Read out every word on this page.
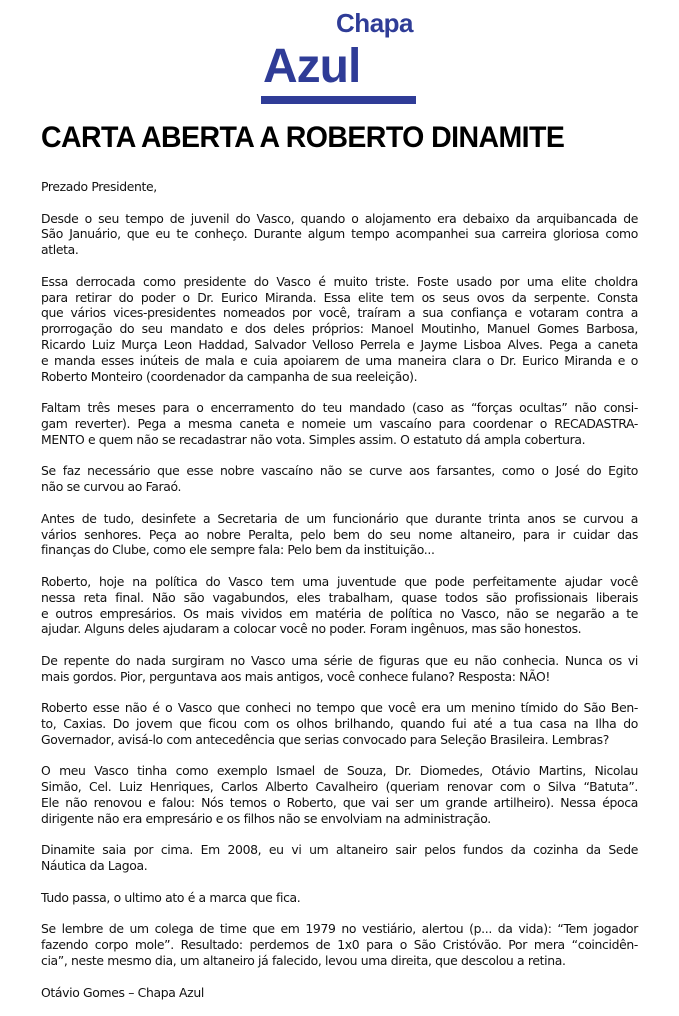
Chapa
Azul
CARTA ABERTA A ROBERTO DINAMITE
Prezado Presidente,
Desde o seu tempo de juvenil do Vasco, quando o alojamento era debaixo da arquibancada de
São Januário, que eu te conheço. Durante algum tempo acompanhei sua carreira gloriosa como
atleta.
Essa derrocada como presidente do Vasco é muito triste. Foste usado por uma elite choldra
para retirar do poder o Dr. Eurico Miranda. Essa elite tem os seus ovos da serpente. Consta
que vários vices-presidentes nomeados por você, traíram a sua confiança e votaram contra a
prorrogação do seu mandato e dos deles próprios: Manoel Moutinho, Manuel Gomes Barbosa,
Ricardo Luiz Murça Leon Haddad, Salvador Velloso Perrela e Jayme Lisboa Alves. Pega a caneta
e manda esses inúteis de mala e cuia apoiarem de uma maneira clara o Dr. Eurico Miranda e o
Roberto Monteiro (coordenador da campanha de sua reeleição).
Faltam três meses para o encerramento do teu mandado (caso as “forças ocultas” não consi-
gam reverter). Pega a mesma caneta e nomeie um vascaíno para coordenar o RECADASTRA-
MENTO e quem não se recadastrar não vota. Simples assim. O estatuto dá ampla cobertura.
Se faz necessário que esse nobre vascaíno não se curve aos farsantes, como o José do Egito
não se curvou ao Faraó.
Antes de tudo, desinfete a Secretaria de um funcionário que durante trinta anos se curvou a
vários senhores. Peça ao nobre Peralta, pelo bem do seu nome altaneiro, para ir cuidar das
finanças do Clube, como ele sempre fala: Pelo bem da instituição...
Roberto, hoje na política do Vasco tem uma juventude que pode perfeitamente ajudar você
nessa reta final. Não são vagabundos, eles trabalham, quase todos são profissionais liberais
e outros empresários. Os mais vividos em matéria de política no Vasco, não se negarão a te
ajudar. Alguns deles ajudaram a colocar você no poder. Foram ingênuos, mas são honestos.
De repente do nada surgiram no Vasco uma série de figuras que eu não conhecia. Nunca os vi
mais gordos. Pior, perguntava aos mais antigos, você conhece fulano? Resposta: NÃO!
Roberto esse não é o Vasco que conheci no tempo que você era um menino tímido do São Ben-
to, Caxias. Do jovem que ficou com os olhos brilhando, quando fui até a tua casa na Ilha do
Governador, avisá-lo com antecedência que serias convocado para Seleção Brasileira. Lembras?
O meu Vasco tinha como exemplo Ismael de Souza, Dr. Diomedes, Otávio Martins, Nicolau
Simão, Cel. Luiz Henriques, Carlos Alberto Cavalheiro (queriam renovar com o Silva “Batuta”.
Ele não renovou e falou: Nós temos o Roberto, que vai ser um grande artilheiro). Nessa época
dirigente não era empresário e os filhos não se envolviam na administração.
Dinamite saia por cima. Em 2008, eu vi um altaneiro sair pelos fundos da cozinha da Sede
Náutica da Lagoa.
Tudo passa, o ultimo ato é a marca que fica.
Se lembre de um colega de time que em 1979 no vestiário, alertou (p... da vida): “Tem jogador
fazendo corpo mole”. Resultado: perdemos de 1x0 para o São Cristóvão. Por mera “coincidên-
cia”, neste mesmo dia, um altaneiro já falecido, levou uma direita, que descolou a retina.
Otávio Gomes – Chapa Azul
